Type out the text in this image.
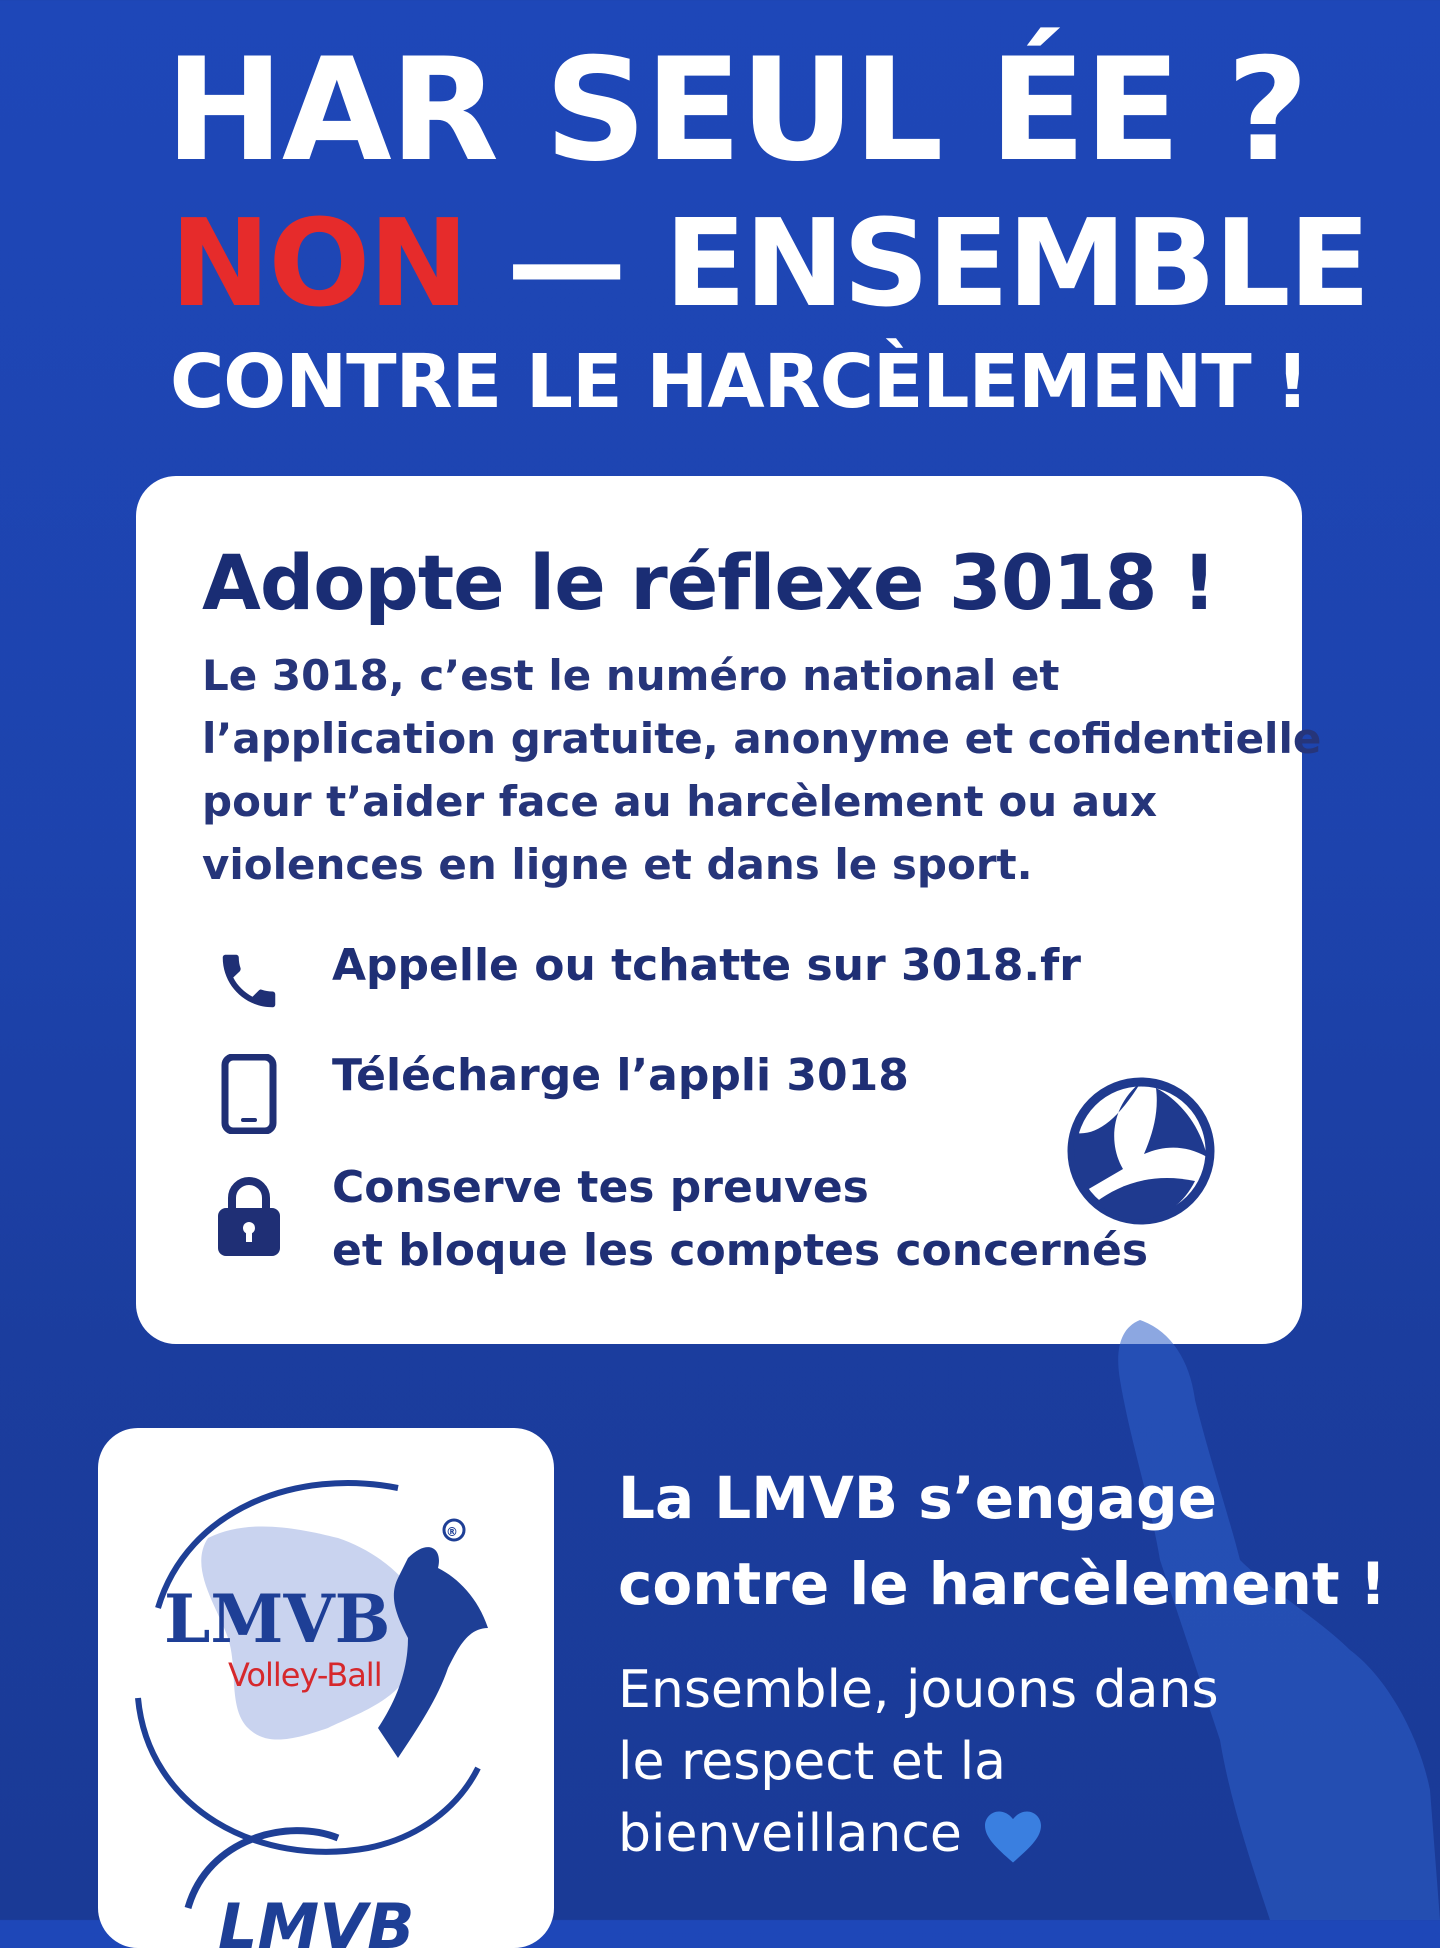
HAR SEUL ÉE ?
NON — ENSEMBLE
CONTRE LE HARCÈLEMENT !
Adopte le réflexe 3018 !
Le 3018, c’est le numéro national et
l’application gratuite, anonyme et cofidentielle
pour t’aider face au harcèlement ou aux
violences en ligne et dans le sport.
Appelle ou tchatte sur 3018.fr
Télécharge l’appli 3018
Conserve tes preuves
et bloque les comptes concernés
®
LMVB
Volley-Ball
LMVB
La LMVB s’engage
contre le harcèlement !
Ensemble, jouons dans
le respect et la
bienveillance
